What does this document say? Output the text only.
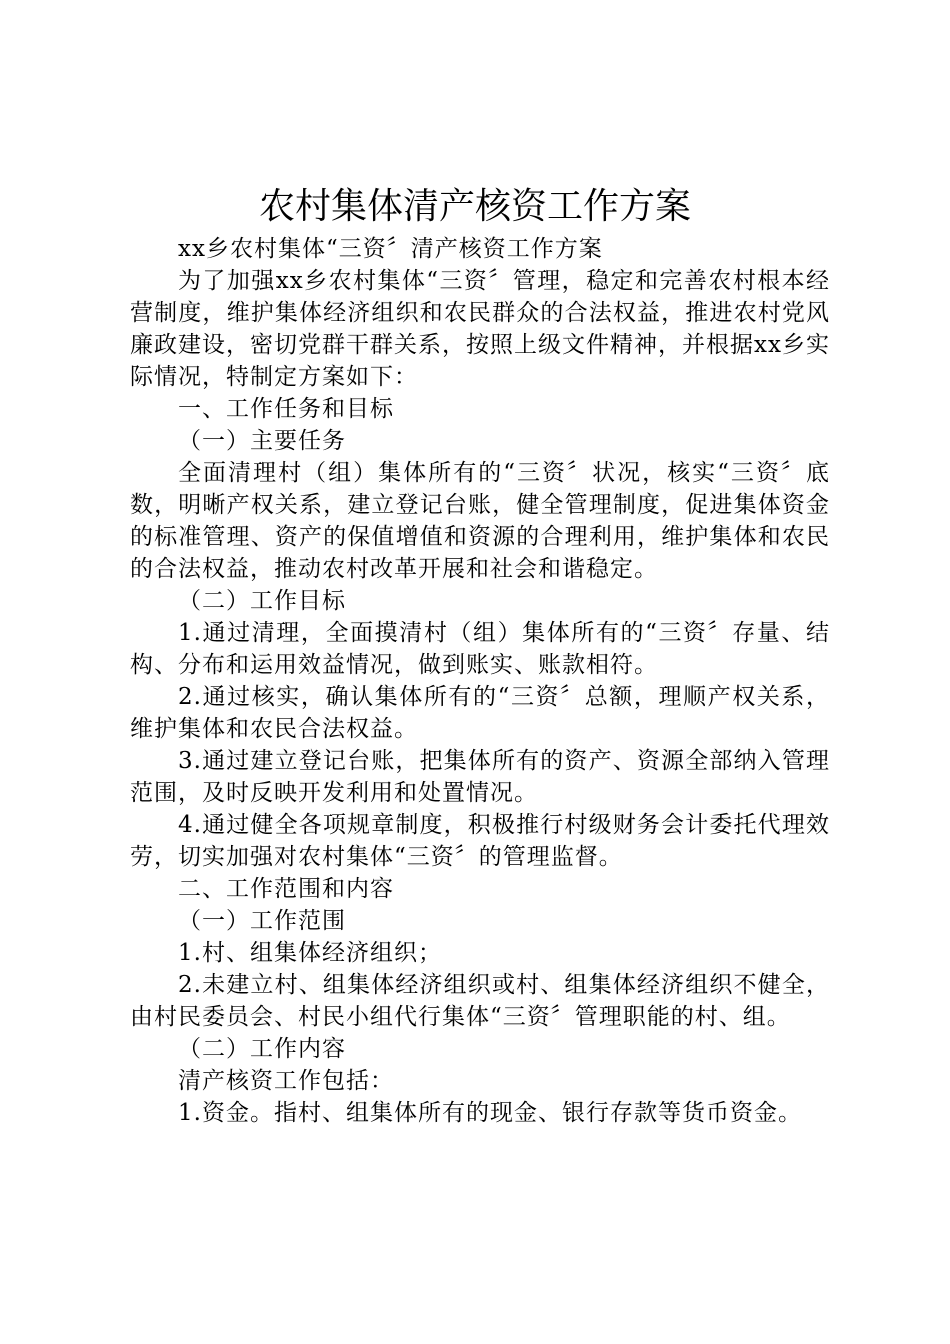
农村集体清产核资工作方案

xx乡农村集体“三资〞清产核资工作方案

为了加强xx乡农村集体“三资〞管理，稳定和完善农村根本经营制度，维护集体经济组织和农民群众的合法权益，推进农村党风廉政建设，密切党群干群关系，按照上级文件精神，并根据xx乡实际情况，特制定方案如下：

一、工作任务和目标

（一）主要任务

全面清理村（组）集体所有的“三资〞状况，核实“三资〞底数，明晰产权关系，建立登记台账，健全管理制度，促进集体资金的标准管理、资产的保值增值和资源的合理利用，维护集体和农民的合法权益，推动农村改革开展和社会和谐稳定。

（二）工作目标

1.通过清理，全面摸清村（组）集体所有的“三资〞存量、结构、分布和运用效益情况，做到账实、账款相符。

2.通过核实，确认集体所有的“三资〞总额，理顺产权关系，维护集体和农民合法权益。

3.通过建立登记台账，把集体所有的资产、资源全部纳入管理范围，及时反映开发利用和处置情况。

4.通过健全各项规章制度，积极推行村级财务会计委托代理效劳，切实加强对农村集体“三资〞的管理监督。

二、工作范围和内容

（一）工作范围

1.村、组集体经济组织；

2.未建立村、组集体经济组织或村、组集体经济组织不健全，由村民委员会、村民小组代行集体“三资〞管理职能的村、组。

（二）工作内容

清产核资工作包括：

1.资金。指村、组集体所有的现金、银行存款等货币资金。
